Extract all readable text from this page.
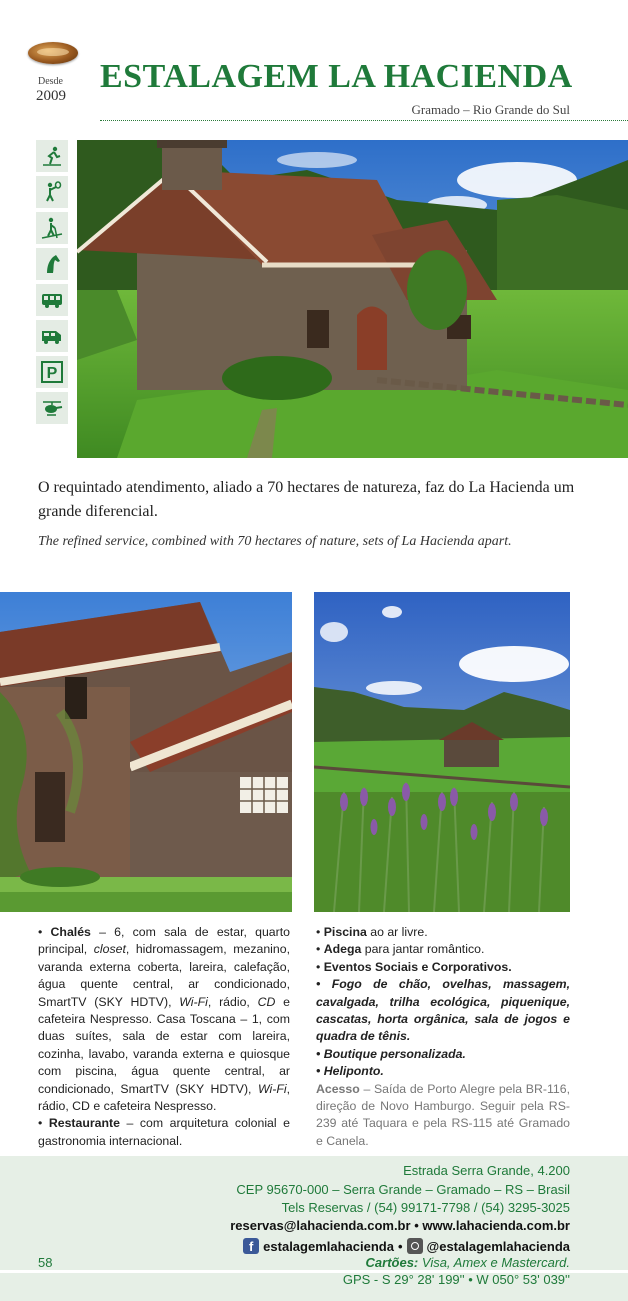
Desde
2009
ESTALAGEM LA HACIENDA
Gramado – Rio Grande do Sul
P

O requintado atendimento, aliado a 70 hectares de natureza, faz do La Hacienda um grande diferencial.

The refined service, combined with 70 hectares of nature, sets of La Hacienda apart.

• Chalés – 6, com sala de estar, quarto principal, closet, hidromassagem, mezanino, varanda externa coberta, lareira, calefação, água quente central, ar condicionado, SmartTV (SKY HDTV), Wi-Fi, rádio, CD e cafeteira Nespresso. Casa Toscana – 1, com duas suítes, sala de estar com lareira, cozinha, lavabo, varanda externa e quiosque com piscina, água quente central, ar condicionado, SmartTV (SKY HDTV), Wi-Fi, rádio, CD e cafeteira Nespresso.
• Restaurante – com arquitetura colonial e gastronomia internacional.

• Piscina ao ar livre.

• Adega para jantar romântico.

• Eventos Sociais e Corporativos.

• Fogo de chão, ovelhas, massagem, cavalgada, trilha ecológica, piquenique, cascatas, horta orgânica, sala de jogos e quadra de tênis.

• Boutique personalizada.

• Heliponto.

Acesso – Saída de Porto Alegre pela BR-116, direção de Novo Hamburgo. Seguir pela RS-239 até Taquara e pela RS-115 até Gramado e Canela.

Estrada Serra Grande, 4.200
CEP 95670-000 – Serra Grande – Gramado – RS – Brasil
Tels Reservas / (54) 99171-7798 / (54) 3295-3025
reservas@lahacienda.com.br • www.lahacienda.com.br
f estalagemlahacienda • @estalagemlahacienda
Cartões: Visa, Amex e Mastercard.
GPS - S 29° 28' 199'' • W 050° 53' 039''
58
